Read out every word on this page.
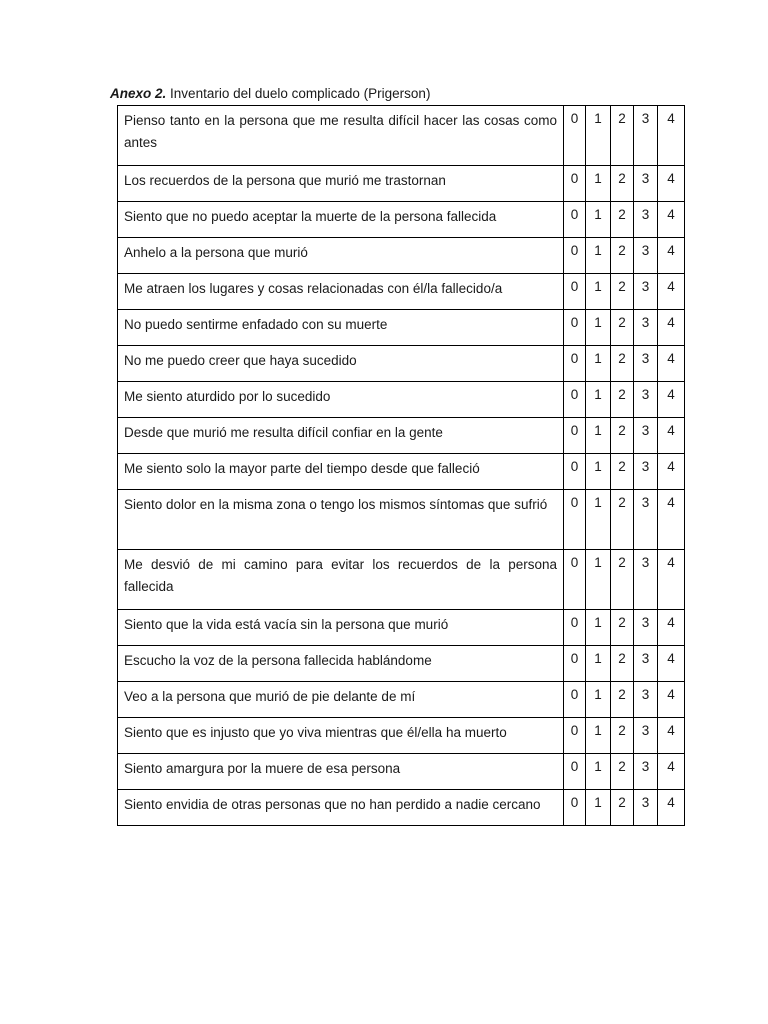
Anexo 2. Inventario del duelo complicado (Prigerson)
Pienso tanto en la persona que me resulta difícil hacer las cosas como antes	0	1	2	3	4
Los recuerdos de la persona que murió me trastornan	0	1	2	3	4
Siento que no puedo aceptar la muerte de la persona fallecida	0	1	2	3	4
Anhelo a la persona que murió	0	1	2	3	4
Me atraen los lugares y cosas relacionadas con él/la fallecido/a	0	1	2	3	4
No puedo sentirme enfadado con su muerte	0	1	2	3	4
No me puedo creer que haya sucedido	0	1	2	3	4
Me siento aturdido por lo sucedido	0	1	2	3	4
Desde que murió me resulta difícil confiar en la gente	0	1	2	3	4
Me siento solo la mayor parte del tiempo desde que falleció	0	1	2	3	4
Siento dolor en la misma zona o tengo los mismos síntomas que sufrió	0	1	2	3	4
Me desvió de mi camino para evitar los recuerdos de la persona fallecida	0	1	2	3	4
Siento que la vida está vacía sin la persona que murió	0	1	2	3	4
Escucho la voz de la persona fallecida hablándome	0	1	2	3	4
Veo a la persona que murió de pie delante de mí	0	1	2	3	4
Siento que es injusto que yo viva mientras que él/ella ha muerto	0	1	2	3	4
Siento amargura por la muere de esa persona	0	1	2	3	4
Siento envidia de otras personas que no han perdido a nadie cercano	0	1	2	3	4
